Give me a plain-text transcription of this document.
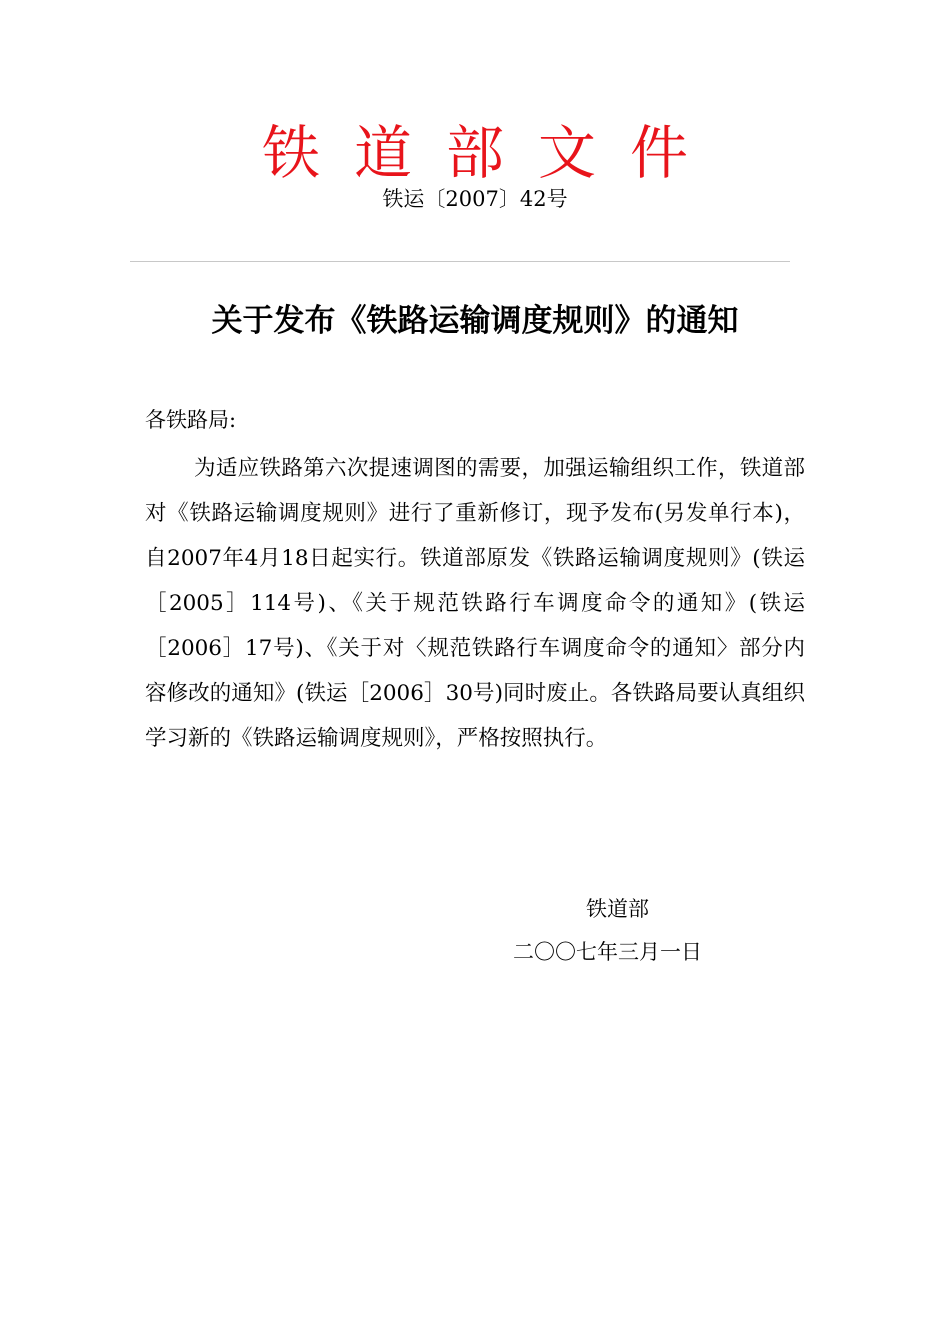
铁道部文件
铁运〔2007〕42号
关于发布《铁路运输调度规则》的通知
各铁路局:

为适应铁路第六次提速调图的需要，加强运输组织工作，铁道部对《铁路运输调度规则》进行了重新修订，现予发布(另发单行本)，自2007年4月18日起实行。铁道部原发《铁路运输调度规则》(铁运［2005］114号)、《关于规范铁路行车调度命令的通知》(铁运［2006］17号)、《关于对〈规范铁路行车调度命令的通知〉部分内容修改的通知》(铁运［2006］30号)同时废止。各铁路局要认真组织学习新的《铁路运输调度规则》，严格按照执行。

铁道部
二〇〇七年三月一日
